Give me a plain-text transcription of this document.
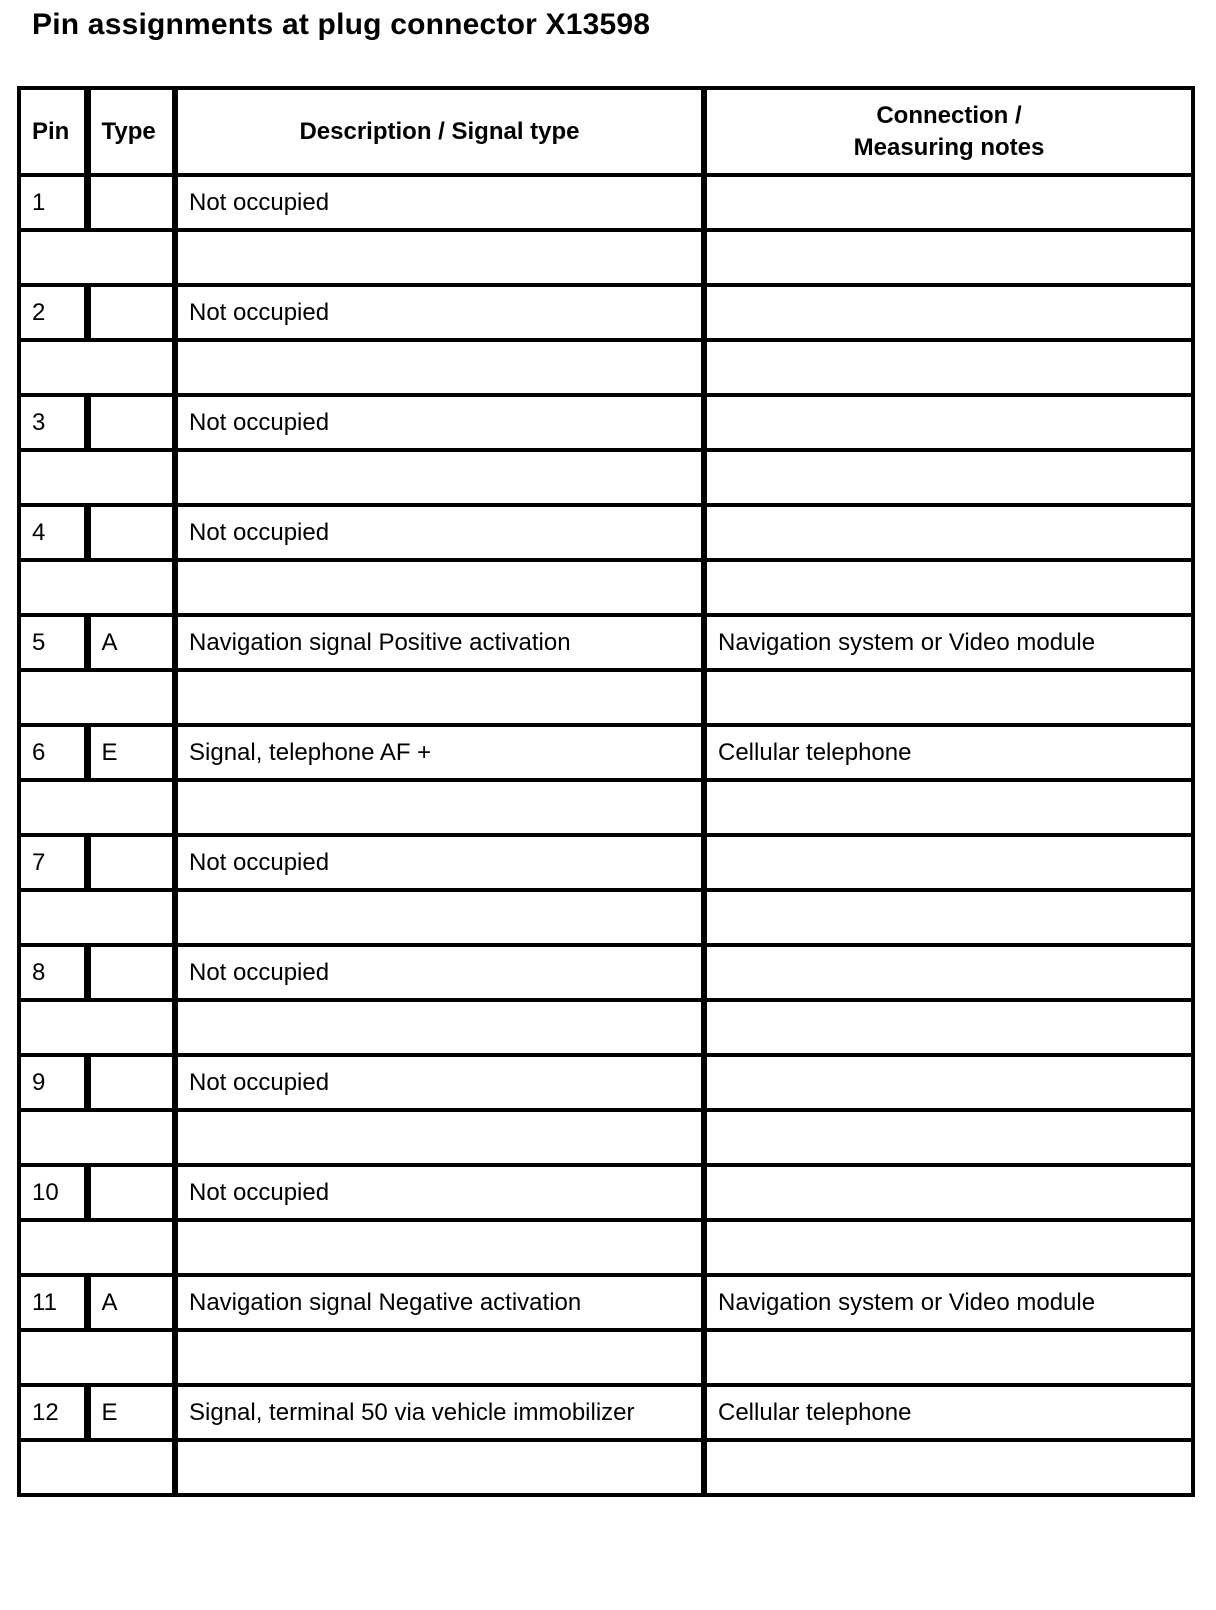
Pin assignments at plug connector X13598
Pin	Type	Description / Signal type	Connection /
Measuring notes
1		Not occupied	

2		Not occupied	

3		Not occupied	

4		Not occupied	

5	A	Navigation signal Positive activation	Navigation system or Video module

6	E	Signal, telephone AF +	Cellular telephone

7		Not occupied	

8		Not occupied	

9		Not occupied	

10		Not occupied	

11	A	Navigation signal Negative activation	Navigation system or Video module

12	E	Signal, terminal 50 via vehicle immobilizer	Cellular telephone
